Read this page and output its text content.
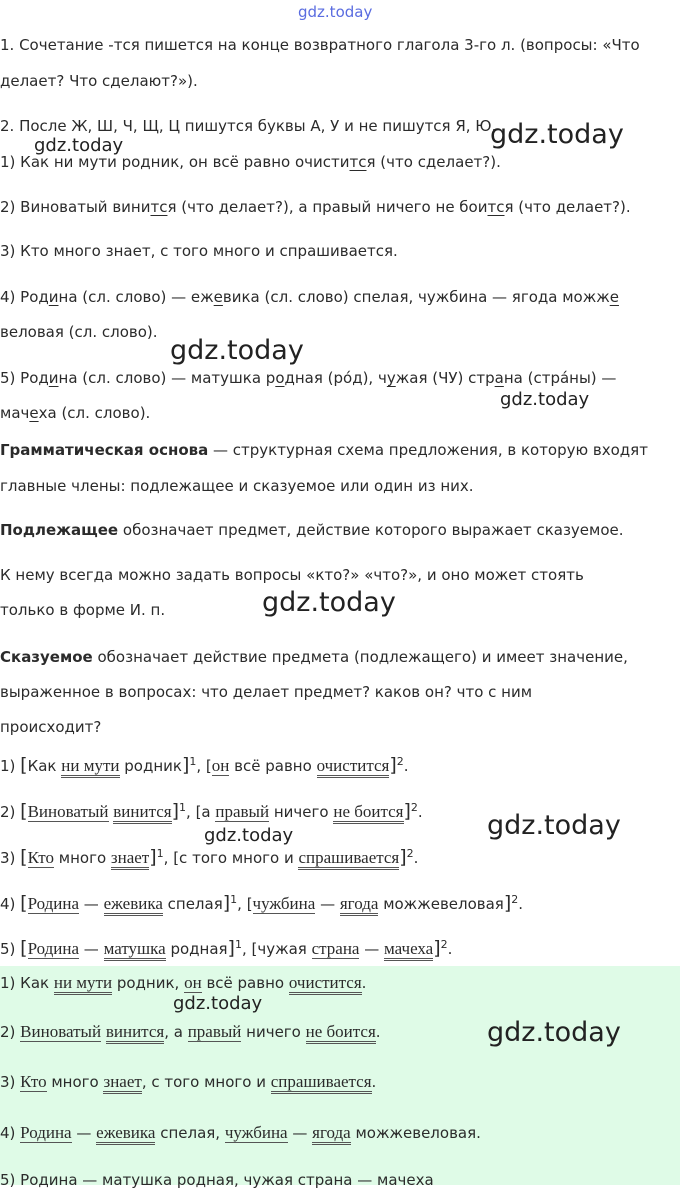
gdz.today
gdz.today	gdz.today
gdz.today
gdz.today
gdz.today
gdz.today	gdz.today
gdz.today
gdz.today
1. Сочетание -тся пишется на конце возвратного глагола 3-го л. (вопросы: «Что
делает? Что сделают?»).
2. После Ж, Ш, Ч, Щ, Ц пишутся буквы А, У и не пишутся Я, Ю.
1) Как ни мути родник, он всё равно очистится (что сделает?).
2) Виноватый винится (что делает?), а правый ничего не боится (что делает?).
3) Кто много знает, с того много и спрашивается.
4) Родина (сл. слово) — ежевика (сл. слово) спелая, чужбина — ягода можже
веловая (сл. слово).
5) Родина (сл. слово) — матушка родная (ро́д), чужая (ЧУ) страна (стра́ны) —
мачеха (сл. слово).
Грамматическая основа — структурная схема предложения, в которую входят
главные члены: подлежащее и сказуемое или один из них.
Подлежащее обозначает предмет, действие которого выражает сказуемое.
К нему всегда можно задать вопросы «кто?» «что?», и оно может стоять
только в форме И. п.
Сказуемое обозначает действие предмета (подлежащего) и имеет значение,
выраженное в вопросах: что делает предмет? каков он? что с ним
происходит?
1) [Как ни мути родник]$^1$, [он всё равно очистится]$^2$.
2) [Виноватый винится]$^1$, [а правый ничего не боится]$^2$.
3) [Кто много знает]$^1$, [с того много и спрашивается]$^2$.
4) [Родина — ежевика спелая]$^1$, [чужбина — ягода можжевеловая]$^2$.
5) [Родина — матушка родная]$^1$, [чужая страна — мачеха]$^2$.
1) Как ни мути родник, он всё равно очистится.
2) Виноватый винится, а правый ничего не боится.
3) Кто много знает, с того много и спрашивается.
4) Родина — ежевика спелая, чужбина — ягода можжевеловая.
5) Родина — матушка родная, чужая страна — мачеха
